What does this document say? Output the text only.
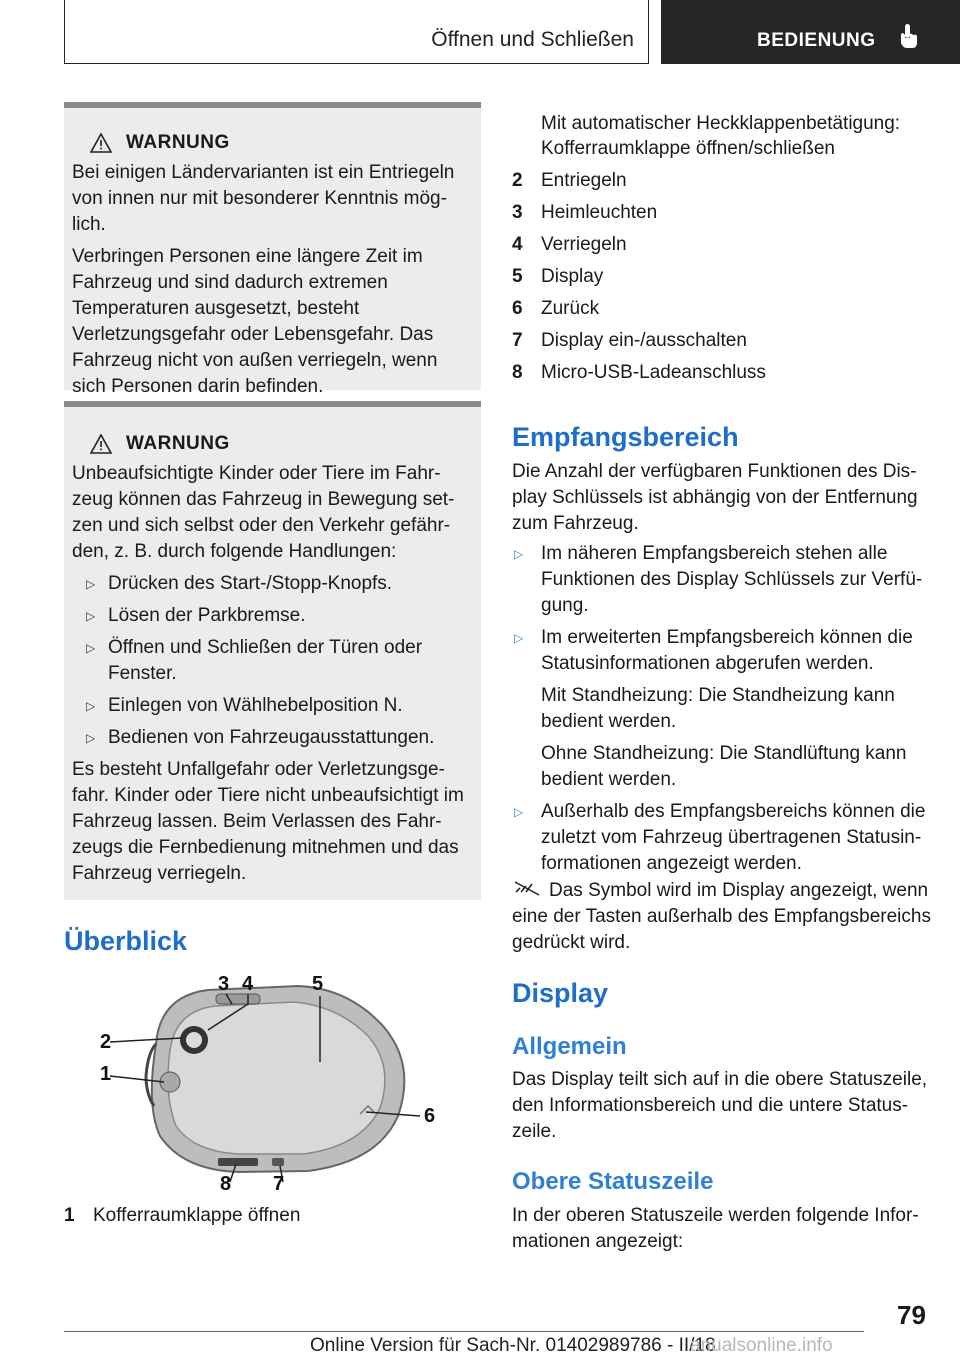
Öffnen und Schließen	BEDIENUNG
WARNUNG

Bei einigen Ländervarianten ist ein Entriegeln von innen nur mit besonderer Kenntnis möglich.

Verbringen Personen eine längere Zeit im Fahrzeug und sind dadurch extremen Temperaturen ausgesetzt, besteht Verletzungsgefahr oder Lebensgefahr. Das Fahrzeug nicht von außen verriegeln, wenn sich Personen darin befinden.

WARNUNG

Unbeaufsichtigte Kinder oder Tiere im Fahrzeug können das Fahrzeug in Bewegung setzen und sich selbst oder den Verkehr gefährden, z. B. durch folgende Handlungen:

▷ Drücken des Start-/Stopp-Knopfs.
▷ Lösen der Parkbremse.
▷ Öffnen und Schließen der Türen oder Fenster.
▷ Einlegen von Wählhebelposition N.
▷ Bedienen von Fahrzeugausstattungen.

Es besteht Unfallgefahr oder Verletzungsgefahr. Kinder oder Tiere nicht unbeaufsichtigt im Fahrzeug lassen. Beim Verlassen des Fahrzeugs die Fernbedienung mitnehmen und das Fahrzeug verriegeln.

Überblick
1
2
3 4	5
6
7
8
1 Kofferraumklappe öffnen
Mit automatischer Heckklappenbetätigung:
Kofferraumklappe öffnen/schließen
2 Entriegeln
3 Heimleuchten
4 Verriegeln
5 Display
6 Zurück
7 Display ein-/ausschalten
8 Micro-USB-Ladeanschluss
Empfangsbereich

Die Anzahl der verfügbaren Funktionen des Display Schlüssels ist abhängig von der Entfernung zum Fahrzeug.

▷ Im näheren Empfangsbereich stehen alle Funktionen des Display Schlüssels zur Verfügung.
▷ Im erweiterten Empfangsbereich können die Statusinformationen abgerufen werden.

Mit Standheizung: Die Standheizung kann bedient werden.

Ohne Standheizung: Die Standlüftung kann bedient werden.

▷ Außerhalb des Empfangsbereichs können die zuletzt vom Fahrzeug übertragenen Statusinformationen angezeigt werden.

Das Symbol wird im Display angezeigt, wenn eine der Tasten außerhalb des Empfangsbereichs gedrückt wird.

Display
Allgemein

Das Display teilt sich auf in die obere Statuszeile, den Informationsbereich und die untere Statuszeile.

Obere Statuszeile

In der oberen Statuszeile werden folgende Informationen angezeigt:

79
Online Version für Sach-Nr. 01402989786 - II/18
anualsonline.info
